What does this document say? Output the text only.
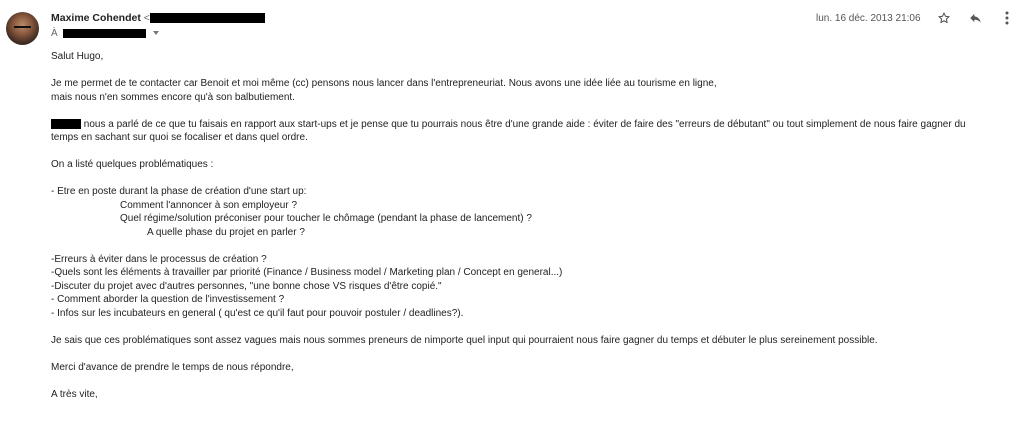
Maxime Cohendet <
À
lun. 16 déc. 2013 21:06

Salut Hugo,

Je me permet de te contacter car Benoit et moi même (cc) pensons nous lancer dans l'entrepreneuriat. Nous avons une idée liée au tourisme en ligne,

mais nous n'en sommes encore qu'à son balbutiement.

nous a parlé de ce que tu faisais en rapport aux start-ups et je pense que tu pourrais nous être d'une grande aide : éviter de faire des "erreurs de débutant" ou tout simplement de nous faire gagner du

temps en sachant sur quoi se focaliser et dans quel ordre.

On a listé quelques problématiques :

- Etre en poste durant la phase de création d'une start up:

Comment l'annoncer à son employeur ?

Quel régime/solution préconiser pour toucher le chômage (pendant la phase de lancement) ?

A quelle phase du projet en parler ?

-Erreurs à éviter dans le processus de création ?

-Quels sont les éléments à travailler par priorité (Finance / Business model / Marketing plan / Concept en general...)

-Discuter du projet avec d'autres personnes, "une bonne chose VS risques d'être copié."

- Comment aborder la question de l'investissement ?

- Infos sur les incubateurs en general ( qu'est ce qu'il faut pour pouvoir postuler / deadlines?).

Je sais que ces problématiques sont assez vagues mais nous sommes preneurs de nimporte quel input qui pourraient nous faire gagner du temps et débuter le plus sereinement possible.

Merci d'avance de prendre le temps de nous répondre,

A très vite,
